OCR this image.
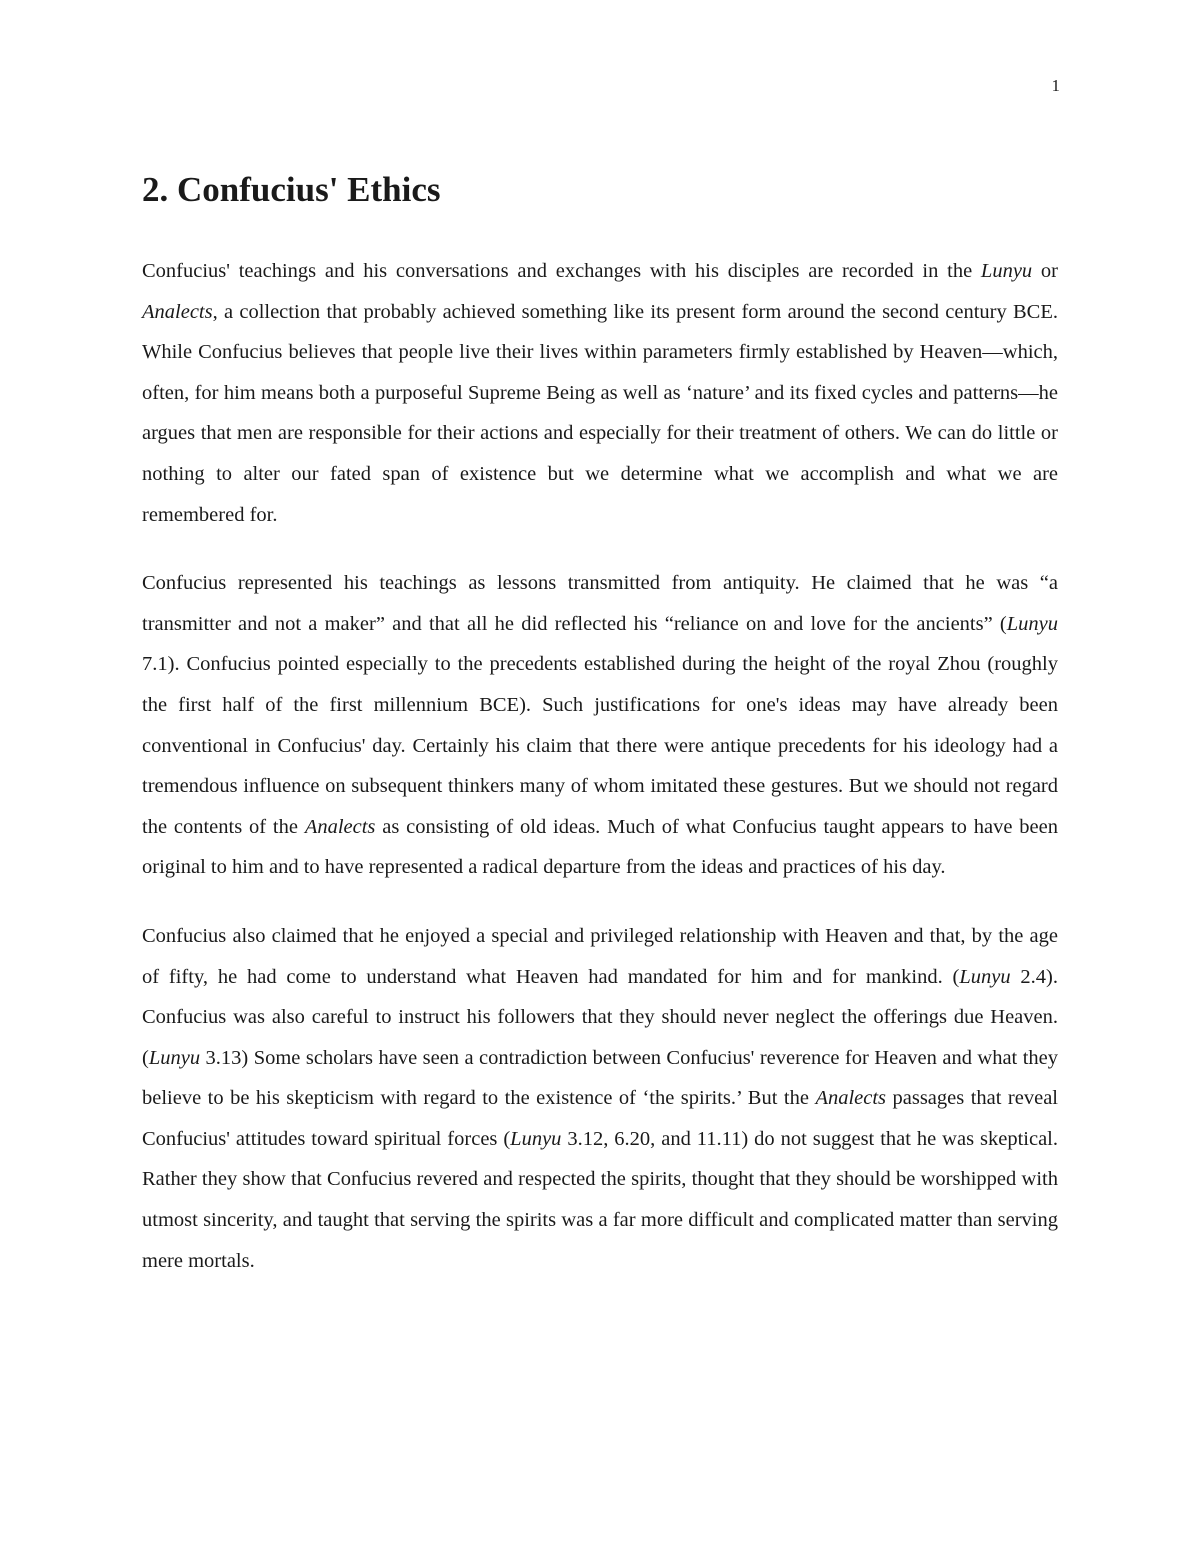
1
2. Confucius' Ethics

Confucius' teachings and his conversations and exchanges with his disciples are recorded in the Lunyu or Analects, a collection that probably achieved something like its present form around the second century BCE. While Confucius believes that people live their lives within parameters firmly established by Heaven—which, often, for him means both a purposeful Supreme Being as well as ‘nature’ and its fixed cycles and patterns—he argues that men are responsible for their actions and especially for their treatment of others. We can do little or nothing to alter our fated span of existence but we determine what we accomplish and what we are remembered for.

Confucius represented his teachings as lessons transmitted from antiquity. He claimed that he was “a transmitter and not a maker” and that all he did reflected his “reliance on and love for the ancients” (Lunyu 7.1). Confucius pointed especially to the precedents established during the height of the royal Zhou (roughly the first half of the first millennium BCE). Such justifications for one's ideas may have already been conventional in Confucius' day. Certainly his claim that there were antique precedents for his ideology had a tremendous influence on subsequent thinkers many of whom imitated these gestures. But we should not regard the contents of the Analects as consisting of old ideas. Much of what Confucius taught appears to have been original to him and to have represented a radical departure from the ideas and practices of his day.

Confucius also claimed that he enjoyed a special and privileged relationship with Heaven and that, by the age of fifty, he had come to understand what Heaven had mandated for him and for mankind. (Lunyu 2.4). Confucius was also careful to instruct his followers that they should never neglect the offerings due Heaven. (Lunyu 3.13) Some scholars have seen a contradiction between Confucius' reverence for Heaven and what they believe to be his skepticism with regard to the existence of ‘the spirits.’ But the Analects passages that reveal Confucius' attitudes toward spiritual forces (Lunyu 3.12, 6.20, and 11.11) do not suggest that he was skeptical. Rather they show that Confucius revered and respected the spirits, thought that they should be worshipped with utmost sincerity, and taught that serving the spirits was a far more difficult and complicated matter than serving mere mortals.
